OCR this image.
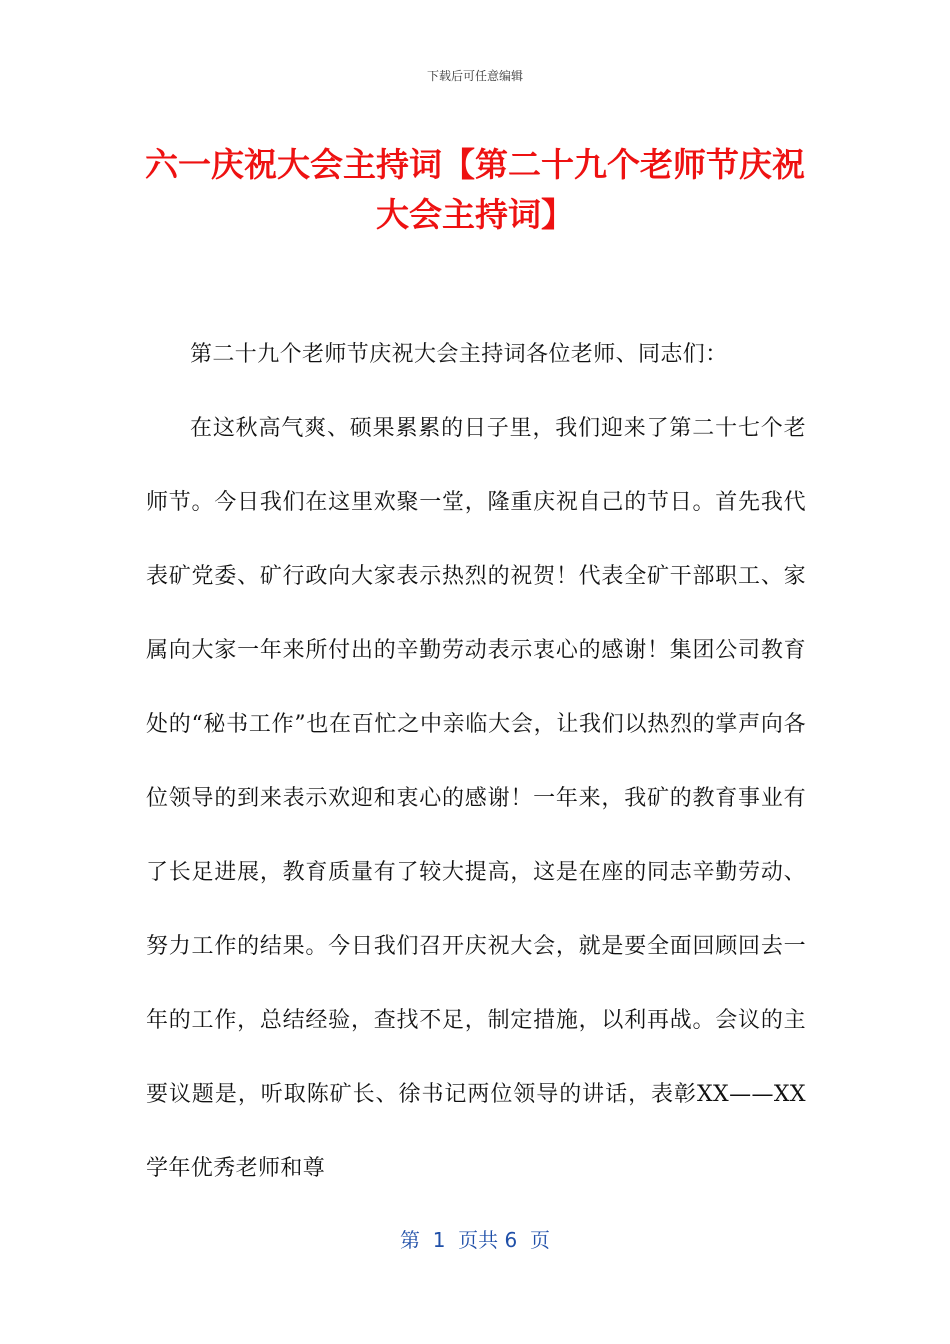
下载后可任意编辑
六一庆祝大会主持词【第二十九个老师节庆祝大会主持词】

第二十九个老师节庆祝大会主持词各位老师、同志们：

在这秋高气爽、硕果累累的日子里，我们迎来了第二十七个老师节。今日我们在这里欢聚一堂，隆重庆祝自己的节日。首先我代表矿党委、矿行政向大家表示热烈的祝贺！代表全矿干部职工、家属向大家一年来所付出的辛勤劳动表示衷心的感谢！集团公司教育处的“秘书工作”也在百忙之中亲临大会，让我们以热烈的掌声向各位领导的到来表示欢迎和衷心的感谢！一年来，我矿的教育事业有了长足进展，教育质量有了较大提高，这是在座的同志辛勤劳动、努力工作的结果。今日我们召开庆祝大会，就是要全面回顾回去一年的工作，总结经验，查找不足，制定措施，以利再战。会议的主要议题是，听取陈矿长、徐书记两位领导的讲话，表彰XX——XX学年优秀老师和尊

第  1  页共 6  页
